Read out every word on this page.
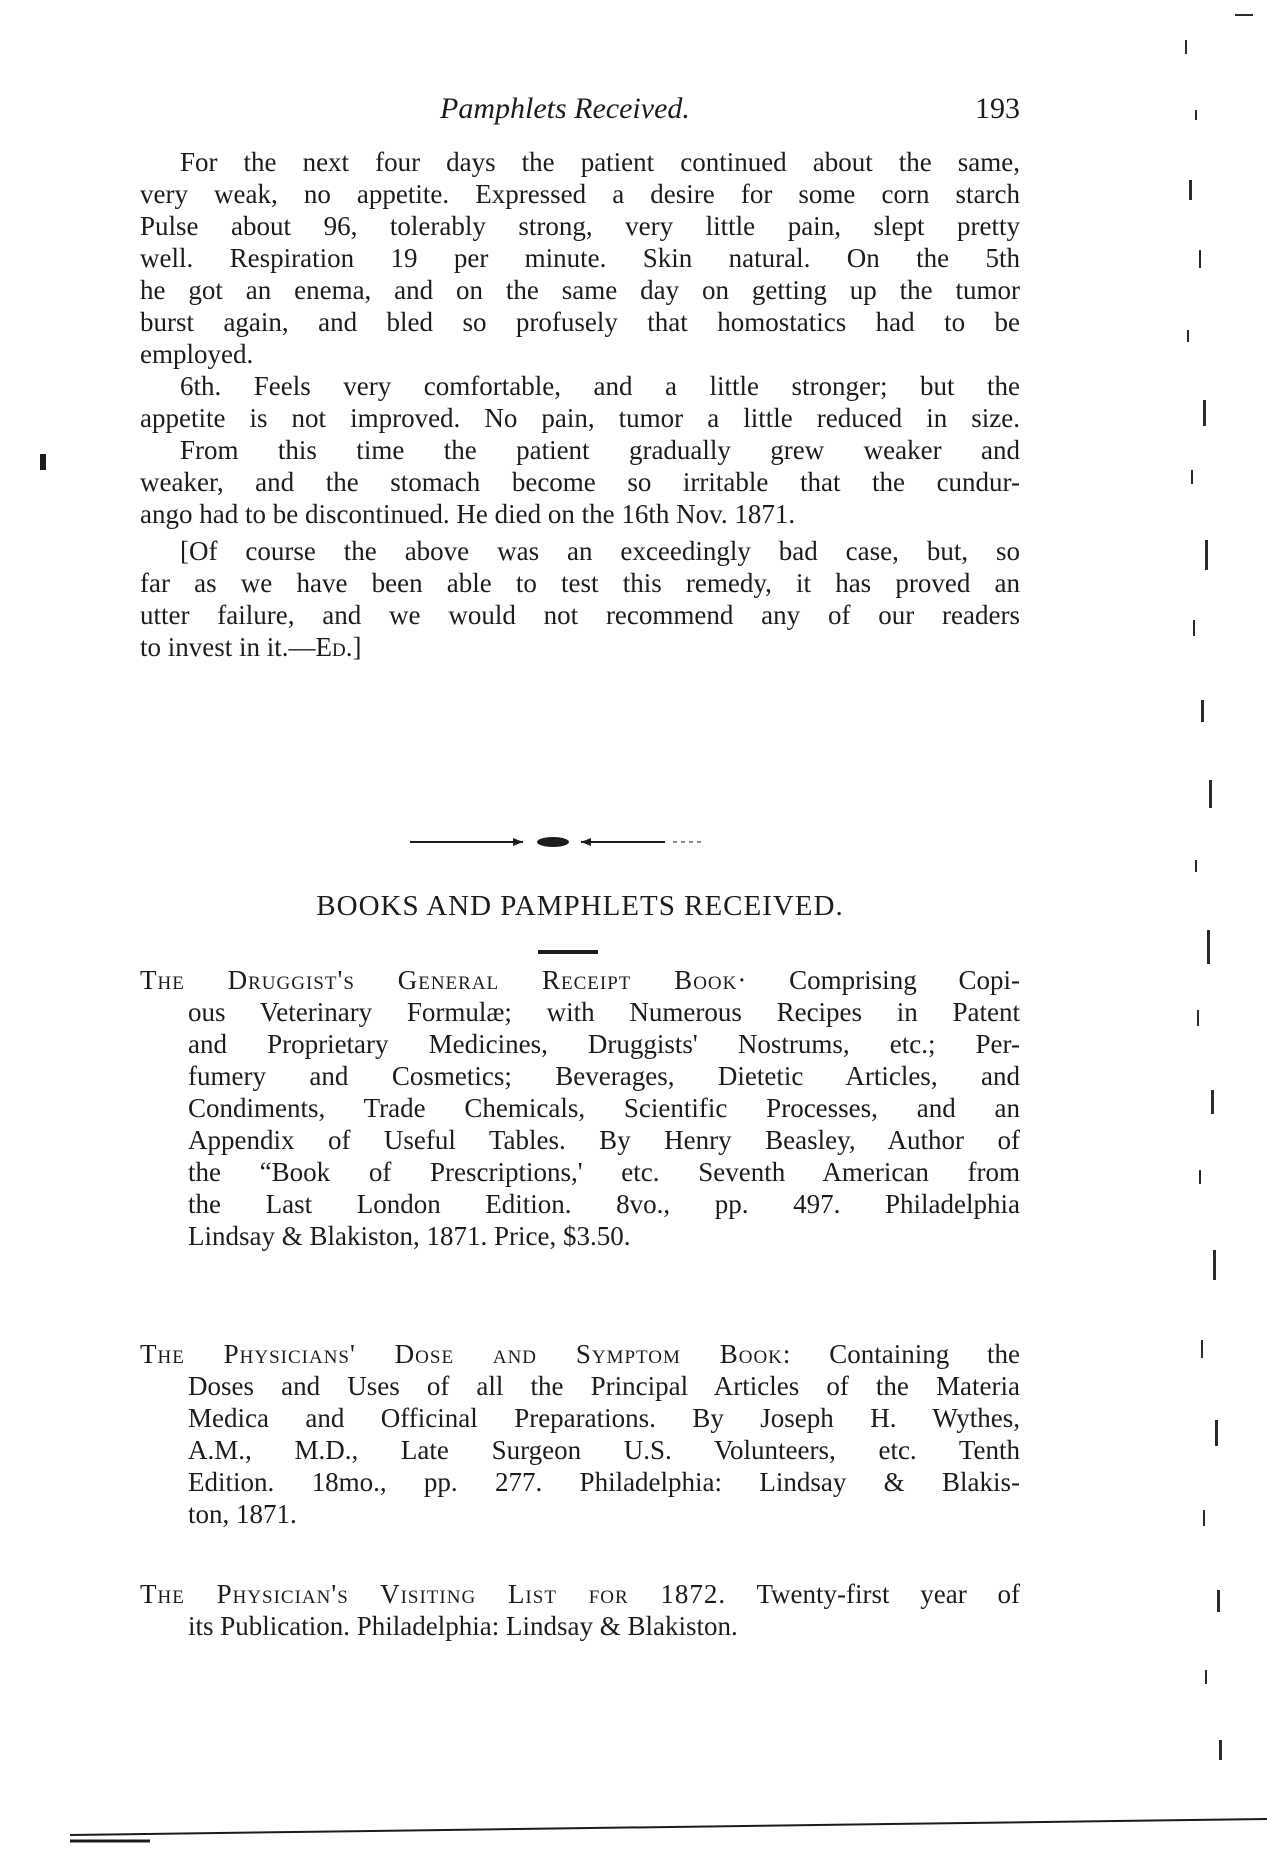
Pamphlets Received.	193
For the next four days the patient continued about the same,
very weak, no appetite. Expressed a desire for some corn starch
Pulse about 96, tolerably strong, very little pain, slept pretty
well. Respiration 19 per minute. Skin natural. On the 5th
he got an enema, and on the same day on getting up the tumor
burst again, and bled so profusely that homostatics had to be
employed.
6th. Feels very comfortable, and a little stronger; but the
appetite is not improved. No pain, tumor a little reduced in size.
From this time the patient gradually grew weaker and
weaker, and the stomach become so irritable that the cundur-
ango had to be discontinued. He died on the 16th Nov. 1871.
[Of course the above was an exceedingly bad case, but, so
far as we have been able to test this remedy, it has proved an
utter failure, and we would not recommend any of our readers
to invest in it.—Ed.]
BOOKS AND PAMPHLETS RECEIVED.
The Druggist's General Receipt Book· Comprising Copi-
ous Veterinary Formulæ; with Numerous Recipes in Patent
and Proprietary Medicines, Druggists' Nostrums, etc.; Per-
fumery and Cosmetics; Beverages, Dietetic Articles, and
Condiments, Trade Chemicals, Scientific Processes, and an
Appendix of Useful Tables. By Henry Beasley, Author of
the “Book of Prescriptions,' etc. Seventh American from
the Last London Edition. 8vo., pp. 497. Philadelphia
Lindsay & Blakiston, 1871. Price, $3.50.
The Physicians' Dose and Symptom Book: Containing the
Doses and Uses of all the Principal Articles of the Materia
Medica and Officinal Preparations. By Joseph H. Wythes,
A.M., M.D., Late Surgeon U.S. Volunteers, etc. Tenth
Edition. 18mo., pp. 277. Philadelphia: Lindsay & Blakis-
ton, 1871.
The Physician's Visiting List for 1872. Twenty-first year of
its Publication. Philadelphia: Lindsay & Blakiston.
